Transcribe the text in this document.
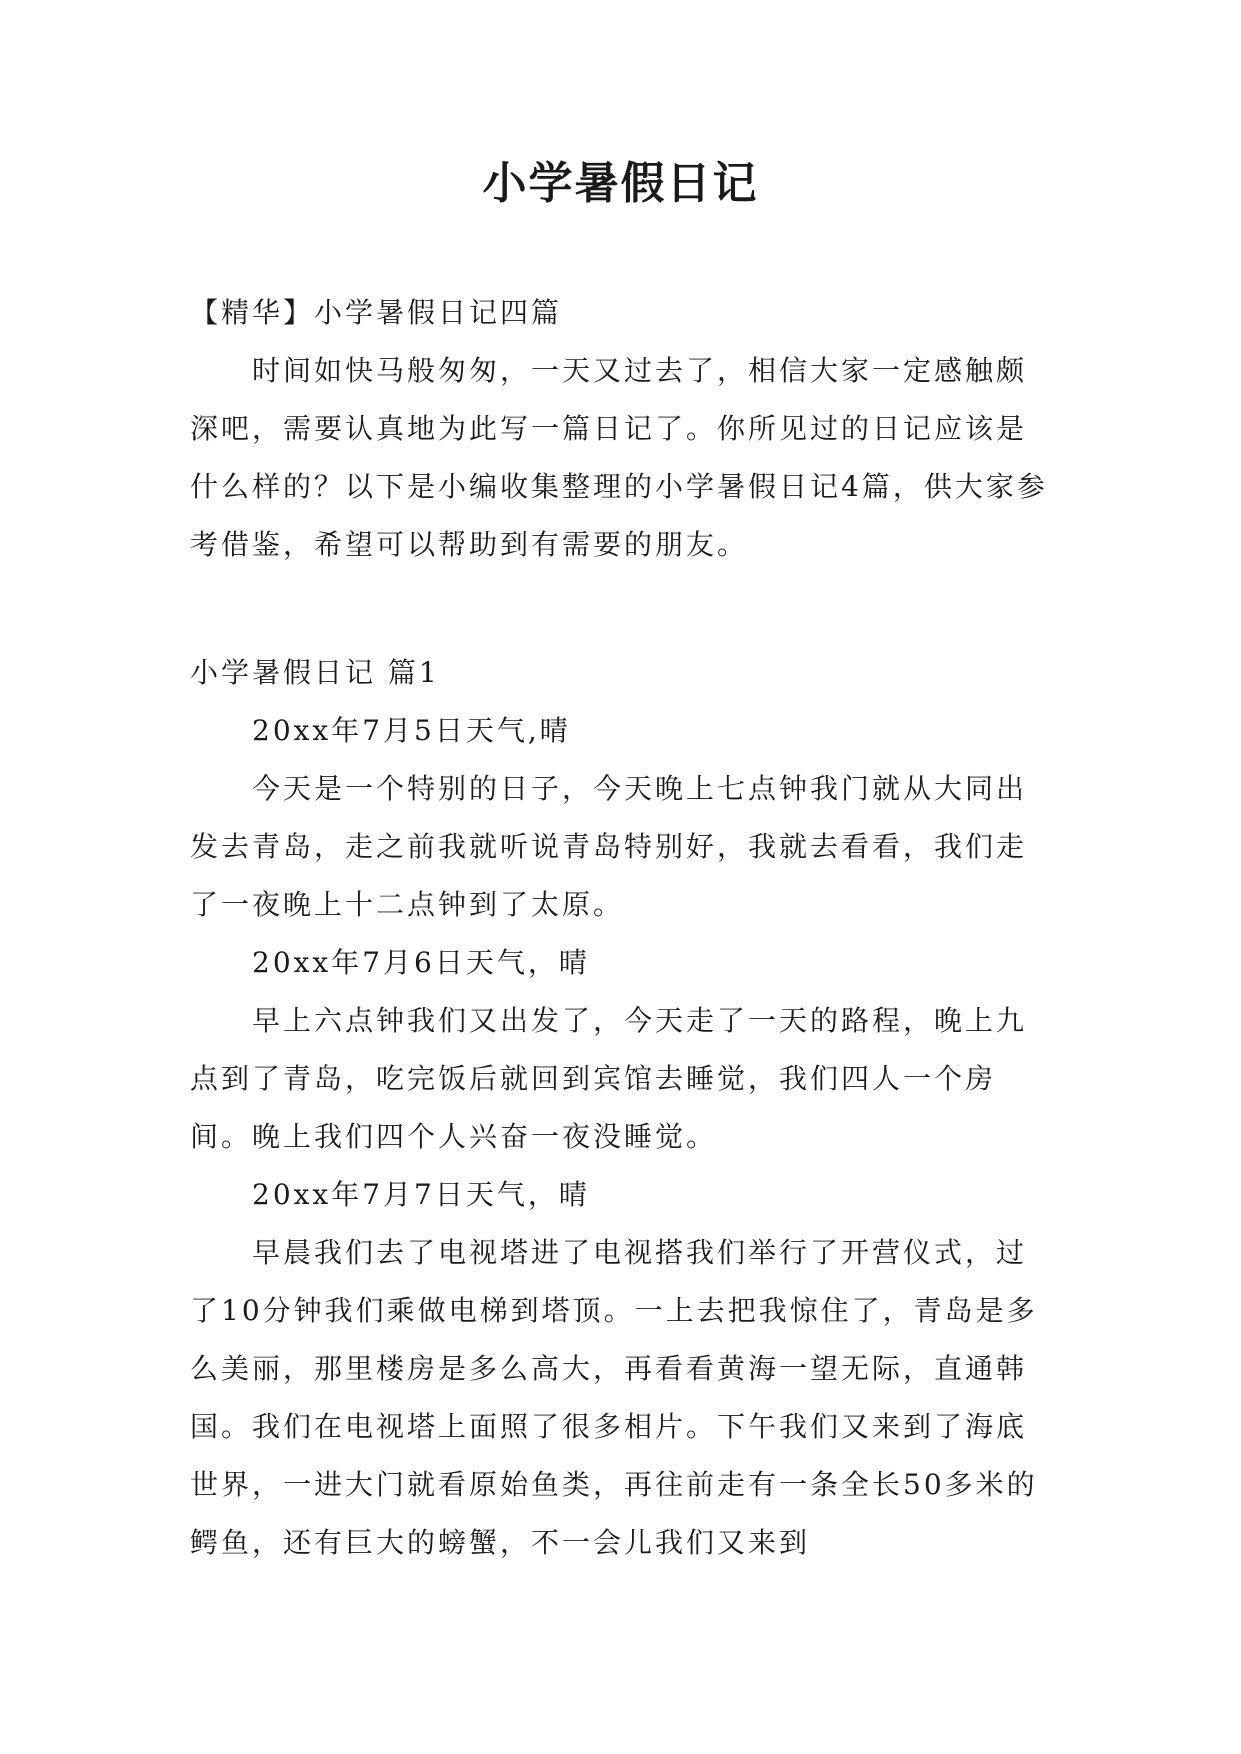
小学暑假日记

【精华】小学暑假日记四篇

时间如快马般匆匆，一天又过去了，相信大家一定感触颇深吧，需要认真地为此写一篇日记了。你所见过的日记应该是什么样的？以下是小编收集整理的小学暑假日记4篇，供大家参考借鉴，希望可以帮助到有需要的朋友。

小学暑假日记 篇1

20xx年7月5日天气,晴

今天是一个特别的日子，今天晚上七点钟我门就从大同出发去青岛，走之前我就听说青岛特别好，我就去看看，我们走了一夜晚上十二点钟到了太原。

20xx年7月6日天气，晴

早上六点钟我们又出发了，今天走了一天的路程，晚上九点到了青岛，吃完饭后就回到宾馆去睡觉，我们四人一个房间。晚上我们四个人兴奋一夜没睡觉。

20xx年7月7日天气，晴

早晨我们去了电视塔进了电视搭我们举行了开营仪式，过了10分钟我们乘做电梯到塔顶。一上去把我惊住了，青岛是多么美丽，那里楼房是多么高大，再看看黄海一望无际，直通韩国。我们在电视塔上面照了很多相片。下午我们又来到了海底世界，一进大门就看原始鱼类，再往前走有一条全长50多米的鳄鱼，还有巨大的螃蟹，不一会儿我们又来到
